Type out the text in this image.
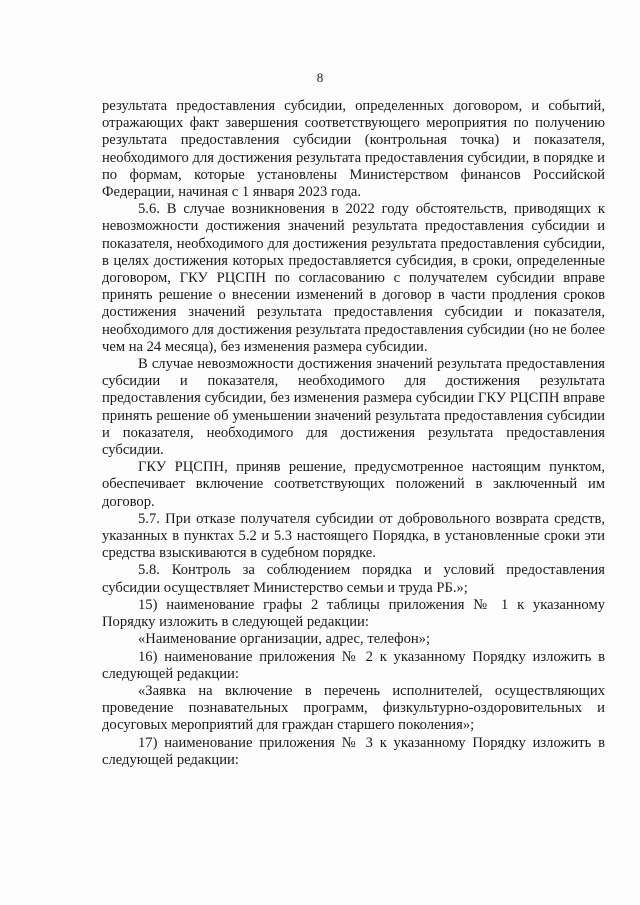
8

результата предоставления субсидии, определенных договором, и событий, отражающих факт завершения соответствующего мероприятия по получению результата предоставления субсидии (контрольная точка) и показателя, необходимого для достижения результата предоставления субсидии, в порядке и по формам, которые установлены Министерством финансов Российской Федерации, начиная с 1 января 2023 года.

5.6. В случае возникновения в 2022 году обстоятельств, приводящих к невозможности достижения значений результата предоставления субсидии и показателя, необходимого для достижения результата предоставления субсидии, в целях достижения которых предоставляется субсидия, в сроки, определенные договором, ГКУ РЦСПН по согласованию с получателем субсидии вправе принять решение о внесении изменений в договор в части продления сроков достижения значений результата предоставления субсидии и показателя, необходимого для достижения результата предоставления субсидии (но не более чем на 24 месяца), без изменения размера субсидии.

В случае невозможности достижения значений результата предоставления субсидии и показателя, необходимого для достижения результата предоставления субсидии, без изменения размера субсидии ГКУ РЦСПН вправе принять решение об уменьшении значений результата предоставления субсидии и показателя, необходимого для достижения результата предоставления субсидии.

ГКУ РЦСПН, приняв решение, предусмотренное настоящим пунктом, обеспечивает включение соответствующих положений в заключенный им договор.

5.7. При отказе получателя субсидии от добровольного возврата средств, указанных в пунктах 5.2 и 5.3 настоящего Порядка, в установленные сроки эти средства взыскиваются в судебном порядке.

5.8. Контроль за соблюдением порядка и условий предоставления субсидии осуществляет Министерство семьи и труда РБ.»;

15) наименование графы 2 таблицы приложения № 1 к указанному Порядку изложить в следующей редакции:

«Наименование организации, адрес, телефон»;

16) наименование приложения № 2 к указанному Порядку изложить в следующей редакции:

«Заявка на включение в перечень исполнителей, осуществляющих проведение познавательных программ, физкультурно-оздоровительных и досуговых мероприятий для граждан старшего поколения»;

17) наименование приложения № 3 к указанному Порядку изложить в следующей редакции:
